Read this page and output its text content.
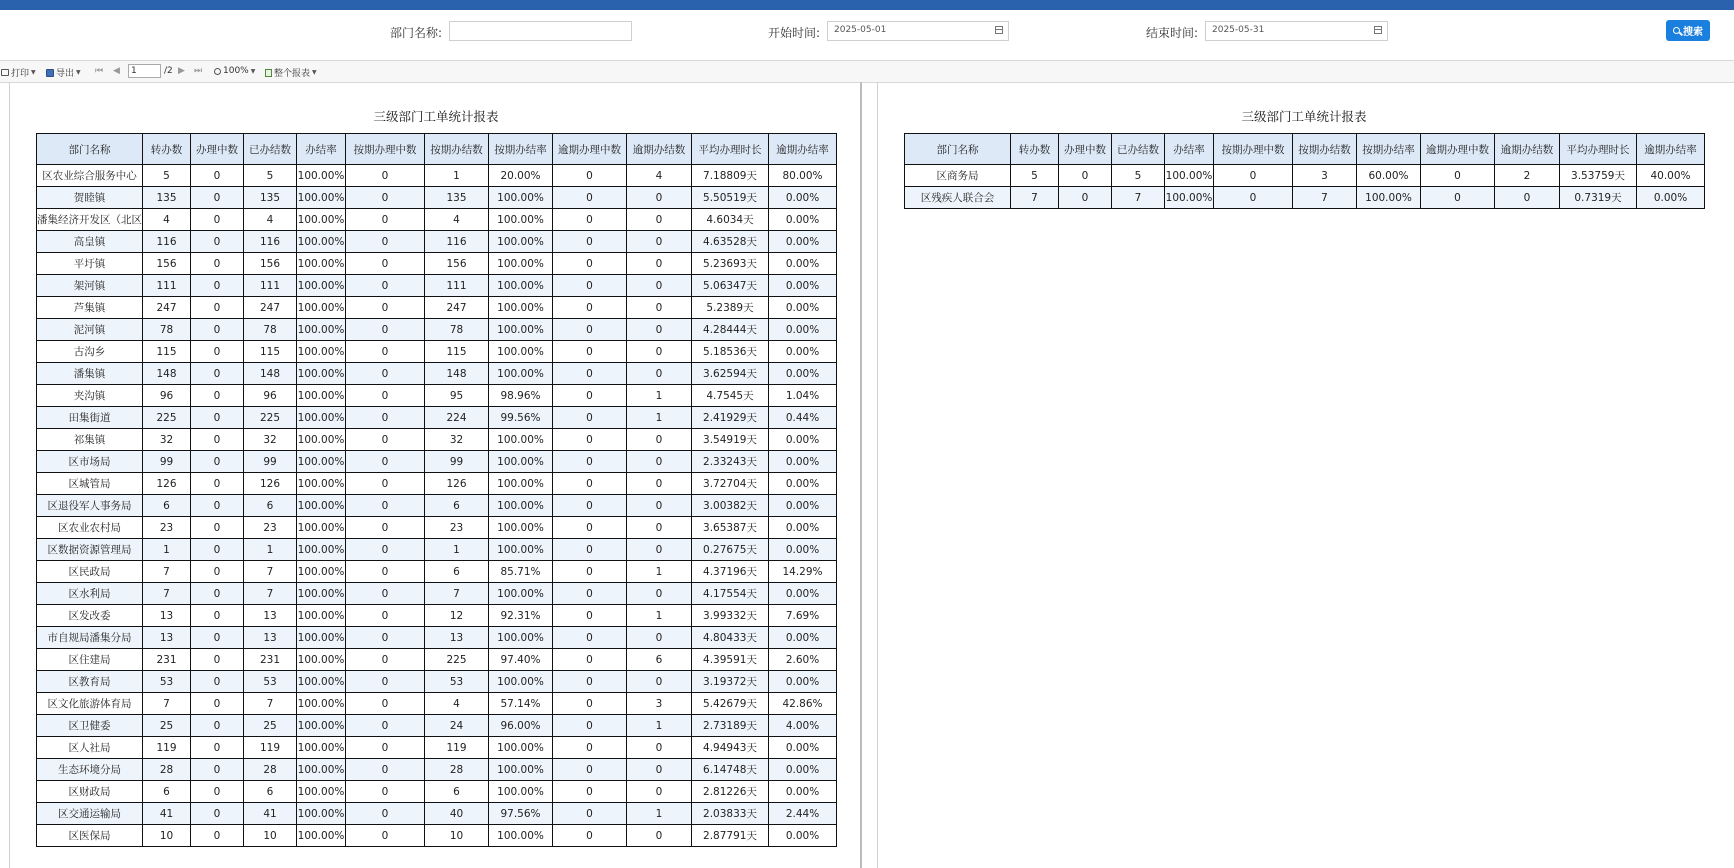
部门名称:	开始时间:	2025-05-01	结束时间:	2025-05-31	搜索
打印 ▼ 导出 ▼ ⏮ ◀	1	/2 ▶ ⏭ 100% ▼ 整个报表 ▼
三级部门工单统计报表
部门名称	转办数	办理中数	已办结数	办结率	按期办理中数	按期办结数	按期办结率	逾期办理中数	逾期办结数	平均办理时长	逾期办结率
区农业综合服务中心	5	0	5	100.00%	0	1	20.00%	0	4	7.18809天	80.00%
贺睦镇	135	0	135	100.00%	0	135	100.00%	0	0	5.50519天	0.00%
潘集经济开发区（北区	4	0	4	100.00%	0	4	100.00%	0	0	4.6034天	0.00%
高皇镇	116	0	116	100.00%	0	116	100.00%	0	0	4.63528天	0.00%
平圩镇	156	0	156	100.00%	0	156	100.00%	0	0	5.23693天	0.00%
架河镇	111	0	111	100.00%	0	111	100.00%	0	0	5.06347天	0.00%
芦集镇	247	0	247	100.00%	0	247	100.00%	0	0	5.2389天	0.00%
泥河镇	78	0	78	100.00%	0	78	100.00%	0	0	4.28444天	0.00%
古沟乡	115	0	115	100.00%	0	115	100.00%	0	0	5.18536天	0.00%
潘集镇	148	0	148	100.00%	0	148	100.00%	0	0	3.62594天	0.00%
夹沟镇	96	0	96	100.00%	0	95	98.96%	0	1	4.7545天	1.04%
田集街道	225	0	225	100.00%	0	224	99.56%	0	1	2.41929天	0.44%
祁集镇	32	0	32	100.00%	0	32	100.00%	0	0	3.54919天	0.00%
区市场局	99	0	99	100.00%	0	99	100.00%	0	0	2.33243天	0.00%
区城管局	126	0	126	100.00%	0	126	100.00%	0	0	3.72704天	0.00%
区退役军人事务局	6	0	6	100.00%	0	6	100.00%	0	0	3.00382天	0.00%
区农业农村局	23	0	23	100.00%	0	23	100.00%	0	0	3.65387天	0.00%
区数据资源管理局	1	0	1	100.00%	0	1	100.00%	0	0	0.27675天	0.00%
区民政局	7	0	7	100.00%	0	6	85.71%	0	1	4.37196天	14.29%
区水利局	7	0	7	100.00%	0	7	100.00%	0	0	4.17554天	0.00%
区发改委	13	0	13	100.00%	0	12	92.31%	0	1	3.99332天	7.69%
市自规局潘集分局	13	0	13	100.00%	0	13	100.00%	0	0	4.80433天	0.00%
区住建局	231	0	231	100.00%	0	225	97.40%	0	6	4.39591天	2.60%
区教育局	53	0	53	100.00%	0	53	100.00%	0	0	3.19372天	0.00%
区文化旅游体育局	7	0	7	100.00%	0	4	57.14%	0	3	5.42679天	42.86%
区卫健委	25	0	25	100.00%	0	24	96.00%	0	1	2.73189天	4.00%
区人社局	119	0	119	100.00%	0	119	100.00%	0	0	4.94943天	0.00%
生态环境分局	28	0	28	100.00%	0	28	100.00%	0	0	6.14748天	0.00%
区财政局	6	0	6	100.00%	0	6	100.00%	0	0	2.81226天	0.00%
区交通运输局	41	0	41	100.00%	0	40	97.56%	0	1	2.03833天	2.44%
区医保局	10	0	10	100.00%	0	10	100.00%	0	0	2.87791天	0.00%
三级部门工单统计报表
部门名称	转办数	办理中数	已办结数	办结率	按期办理中数	按期办结数	按期办结率	逾期办理中数	逾期办结数	平均办理时长	逾期办结率
区商务局	5	0	5	100.00%	0	3	60.00%	0	2	3.53759天	40.00%
区残疾人联合会	7	0	7	100.00%	0	7	100.00%	0	0	0.7319天	0.00%
